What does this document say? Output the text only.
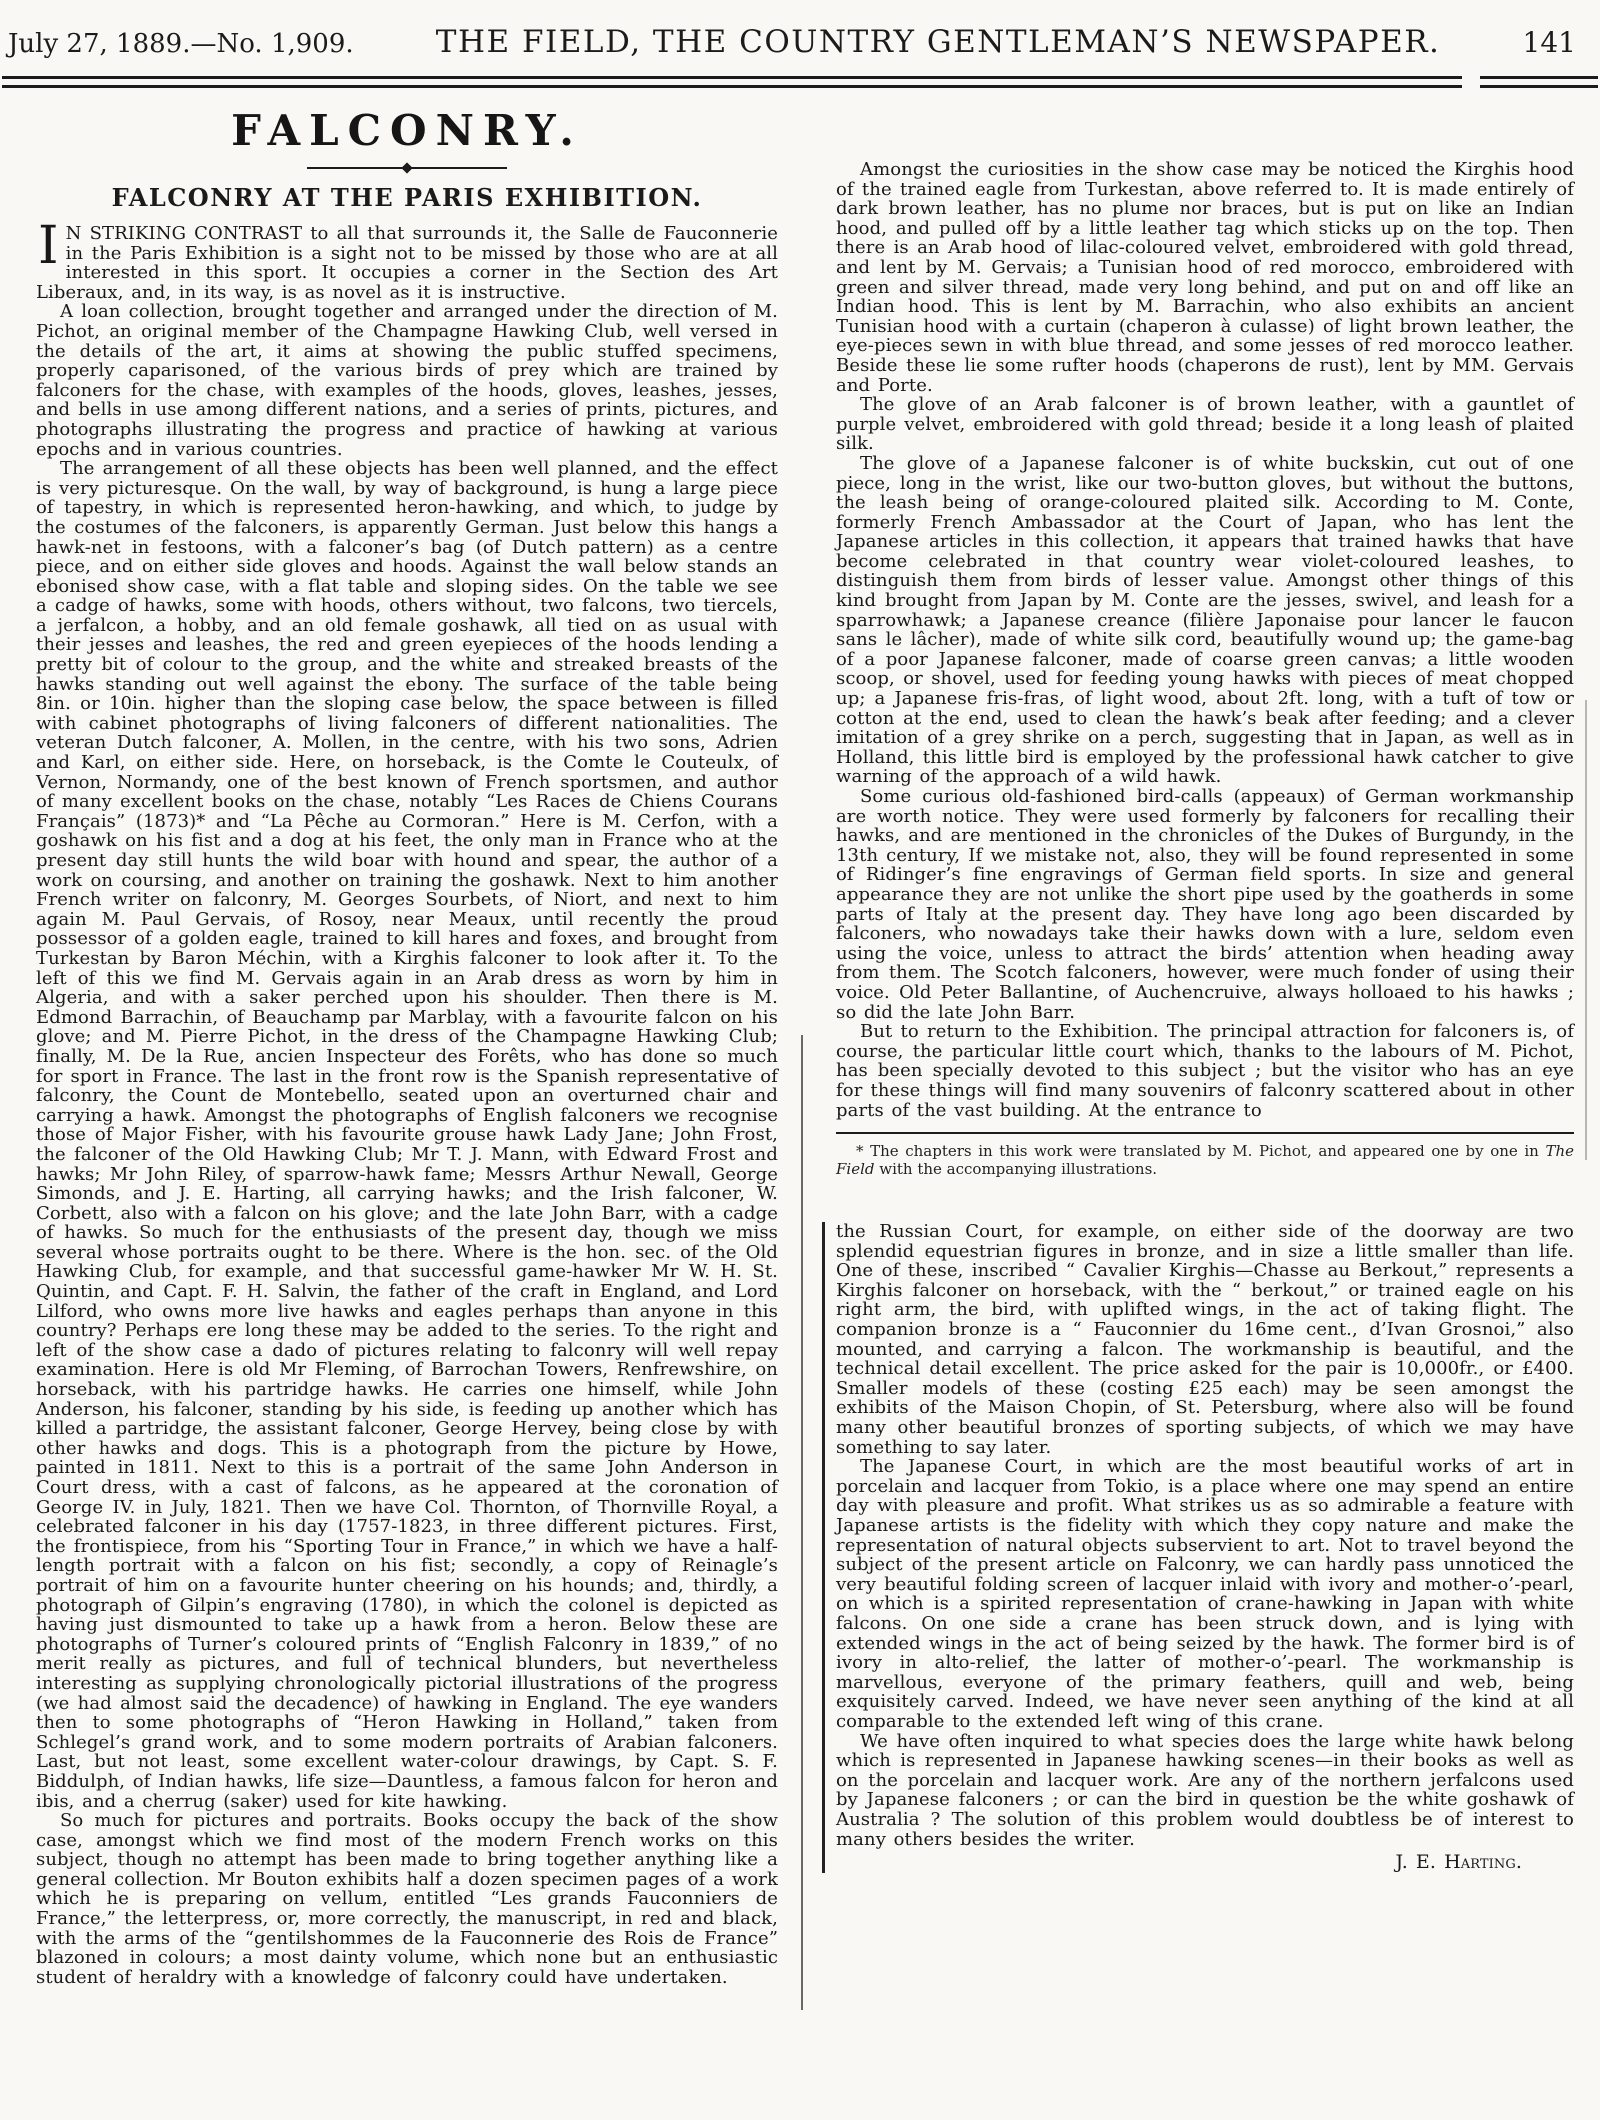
July 27, 1889.—No. 1,909.	THE FIELD, THE COUNTRY GENTLEMAN’S NEWSPAPER.	141
FALCONRY.
FALCONRY AT THE PARIS EXHIBITION.

I N STRIKING CONTRAST to all that surrounds it, the Salle de Fauconnerie in the Paris Exhibition is a sight not to be missed by those who are at all interested in this sport. It occupies a corner in the Section des Art Liberaux, and, in its way, is as novel as it is instructive.

A loan collection, brought together and arranged under the direction of M. Pichot, an original member of the Champagne Hawking Club, well versed in the details of the art, it aims at showing the public stuffed specimens, properly caparisoned, of the various birds of prey which are trained by falconers for the chase, with examples of the hoods, gloves, leashes, jesses, and bells in use among different nations, and a series of prints, pictures, and photographs illustrating the progress and practice of hawking at various epochs and in various countries.

The arrangement of all these objects has been well planned, and the effect is very picturesque. On the wall, by way of background, is hung a large piece of tapestry, in which is represented heron-hawking, and which, to judge by the costumes of the falconers, is apparently German. Just below this hangs a hawk-net in festoons, with a falconer’s bag (of Dutch pattern) as a centre piece, and on either side gloves and hoods. Against the wall below stands an ebonised show case, with a flat table and sloping sides. On the table we see a cadge of hawks, some with hoods, others without, two falcons, two tiercels, a jerfalcon, a hobby, and an old female goshawk, all tied on as usual with their jesses and leashes, the red and green eyepieces of the hoods lending a pretty bit of colour to the group, and the white and streaked breasts of the hawks standing out well against the ebony. The surface of the table being 8in. or 10in. higher than the sloping case below, the space between is filled with cabinet photographs of living falconers of different nationalities. The veteran Dutch falconer, A. Mollen, in the centre, with his two sons, Adrien and Karl, on either side. Here, on horseback, is the Comte le Couteulx, of Vernon, Normandy, one of the best known of French sportsmen, and author of many excellent books on the chase, notably “Les Races de Chiens Courans Français” (1873)* and “La Pêche au Cormoran.” Here is M. Cerfon, with a goshawk on his fist and a dog at his feet, the only man in France who at the present day still hunts the wild boar with hound and spear, the author of a work on coursing, and another on training the goshawk. Next to him another French writer on falconry, M. Georges Sourbets, of Niort, and next to him again M. Paul Gervais, of Rosoy, near Meaux, until recently the proud possessor of a golden eagle, trained to kill hares and foxes, and brought from Turkestan by Baron Méchin, with a Kirghis falconer to look after it. To the left of this we find M. Gervais again in an Arab dress as worn by him in Algeria, and with a saker perched upon his shoulder. Then there is M. Edmond Barrachin, of Beauchamp par Marblay, with a favourite falcon on his glove; and M. Pierre Pichot, in the dress of the Champagne Hawking Club; finally, M. De la Rue, ancien Inspecteur des Forêts, who has done so much for sport in France. The last in the front row is the Spanish representative of falconry, the Count de Montebello, seated upon an overturned chair and carrying a hawk. Amongst the photographs of English falconers we recognise those of Major Fisher, with his favourite grouse hawk Lady Jane; John Frost, the falconer of the Old Hawking Club; Mr T. J. Mann, with Edward Frost and hawks; Mr John Riley, of sparrow-hawk fame; Messrs Arthur Newall, George Simonds, and J. E. Harting, all carrying hawks; and the Irish falconer, W. Corbett, also with a falcon on his glove; and the late John Barr, with a cadge of hawks. So much for the enthusiasts of the present day, though we miss several whose portraits ought to be there. Where is the hon. sec. of the Old Hawking Club, for example, and that successful game-hawker Mr W. H. St. Quintin, and Capt. F. H. Salvin, the father of the craft in England, and Lord Lilford, who owns more live hawks and eagles perhaps than anyone in this country? Perhaps ere long these may be added to the series. To the right and left of the show case a dado of pictures relating to falconry will well repay examination. Here is old Mr Fleming, of Barrochan Towers, Renfrewshire, on horseback, with his partridge hawks. He carries one himself, while John Anderson, his falconer, standing by his side, is feeding up another which has killed a partridge, the assistant falconer, George Hervey, being close by with other hawks and dogs. This is a photograph from the picture by Howe, painted in 1811. Next to this is a portrait of the same John Anderson in Court dress, with a cast of falcons, as he appeared at the coronation of George IV. in July, 1821. Then we have Col. Thornton, of Thornville Royal, a celebrated falconer in his day (1757-1823, in three different pictures. First, the frontispiece, from his “Sporting Tour in France,” in which we have a half-length portrait with a falcon on his fist; secondly, a copy of Reinagle’s portrait of him on a favourite hunter cheering on his hounds; and, thirdly, a photograph of Gilpin’s engraving (1780), in which the colonel is depicted as having just dismounted to take up a hawk from a heron. Below these are photographs of Turner’s coloured prints of “English Falconry in 1839,” of no merit really as pictures, and full of technical blunders, but nevertheless interesting as supplying chronologically pictorial illustrations of the progress (we had almost said the decadence) of hawking in England. The eye wanders then to some photographs of “Heron Hawking in Holland,” taken from Schlegel’s grand work, and to some modern portraits of Arabian falconers. Last, but not least, some excellent water-colour drawings, by Capt. S. F. Biddulph, of Indian hawks, life size—Dauntless, a famous falcon for heron and ibis, and a cherrug (saker) used for kite hawking.

So much for pictures and portraits. Books occupy the back of the show case, amongst which we find most of the modern French works on this subject, though no attempt has been made to bring together anything like a general collection. Mr Bouton exhibits half a dozen specimen pages of a work which he is preparing on vellum, entitled “Les grands Fauconniers de France,” the letterpress, or, more correctly, the manuscript, in red and black, with the arms of the “gentilshommes de la Fauconnerie des Rois de France” blazoned in colours; a most dainty volume, which none but an enthusiastic student of heraldry with a knowledge of falconry could have undertaken.

Amongst the curiosities in the show case may be noticed the Kirghis hood of the trained eagle from Turkestan, above referred to. It is made entirely of dark brown leather, has no plume nor braces, but is put on like an Indian hood, and pulled off by a little leather tag which sticks up on the top. Then there is an Arab hood of lilac-coloured velvet, embroidered with gold thread, and lent by M. Gervais; a Tunisian hood of red morocco, embroidered with green and silver thread, made very long behind, and put on and off like an Indian hood. This is lent by M. Barrachin, who also exhibits an ancient Tunisian hood with a curtain (chaperon à culasse) of light brown leather, the eye-pieces sewn in with blue thread, and some jesses of red morocco leather. Beside these lie some rufter hoods (chaperons de rust), lent by MM. Gervais and Porte.

The glove of an Arab falconer is of brown leather, with a gauntlet of purple velvet, embroidered with gold thread; beside it a long leash of plaited silk.

The glove of a Japanese falconer is of white buckskin, cut out of one piece, long in the wrist, like our two-button gloves, but without the buttons, the leash being of orange-coloured plaited silk. According to M. Conte, formerly French Ambassador at the Court of Japan, who has lent the Japanese articles in this collection, it appears that trained hawks that have become celebrated in that country wear violet-coloured leashes, to distinguish them from birds of lesser value. Amongst other things of this kind brought from Japan by M. Conte are the jesses, swivel, and leash for a sparrowhawk; a Japanese creance (filière Japonaise pour lancer le faucon sans le lâcher), made of white silk cord, beautifully wound up; the game-bag of a poor Japanese falconer, made of coarse green canvas; a little wooden scoop, or shovel, used for feeding young hawks with pieces of meat chopped up; a Japanese fris-fras, of light wood, about 2ft. long, with a tuft of tow or cotton at the end, used to clean the hawk’s beak after feeding; and a clever imitation of a grey shrike on a perch, suggesting that in Japan, as well as in Holland, this little bird is employed by the professional hawk catcher to give warning of the approach of a wild hawk.

Some curious old-fashioned bird-calls (appeaux) of German workmanship are worth notice. They were used formerly by falconers for recalling their hawks, and are mentioned in the chronicles of the Dukes of Burgundy, in the 13th century, If we mistake not, also, they will be found represented in some of Ridinger’s fine engravings of German field sports. In size and general appearance they are not unlike the short pipe used by the goatherds in some parts of Italy at the present day. They have long ago been discarded by falconers, who nowadays take their hawks down with a lure, seldom even using the voice, unless to attract the birds’ attention when heading away from them. The Scotch falconers, however, were much fonder of using their voice. Old Peter Ballantine, of Auchencruive, always holloaed to his hawks ; so did the late John Barr.

But to return to the Exhibition. The principal attraction for falconers is, of course, the particular little court which, thanks to the labours of M. Pichot, has been specially devoted to this subject ; but the visitor who has an eye for these things will find many souvenirs of falconry scattered about in other parts of the vast building. At the entrance to

* The chapters in this work were translated by M. Pichot, and appeared one by one in The Field with the accompanying illustrations.

the Russian Court, for example, on either side of the doorway are two splendid equestrian figures in bronze, and in size a little smaller than life. One of these, inscribed “ Cavalier Kirghis—Chasse au Berkout,” represents a Kirghis falconer on horseback, with the “ berkout,” or trained eagle on his right arm, the bird, with uplifted wings, in the act of taking flight. The companion bronze is a “ Fauconnier du 16me cent., d’Ivan Grosnoi,” also mounted, and carrying a falcon. The workmanship is beautiful, and the technical detail excellent. The price asked for the pair is 10,000fr., or £400. Smaller models of these (costing £25 each) may be seen amongst the exhibits of the Maison Chopin, of St. Petersburg, where also will be found many other beautiful bronzes of sporting subjects, of which we may have something to say later.

The Japanese Court, in which are the most beautiful works of art in porcelain and lacquer from Tokio, is a place where one may spend an entire day with pleasure and profit. What strikes us as so admirable a feature with Japanese artists is the fidelity with which they copy nature and make the representation of natural objects subservient to art. Not to travel beyond the subject of the present article on Falconry, we can hardly pass unnoticed the very beautiful folding screen of lacquer inlaid with ivory and mother-o’-pearl, on which is a spirited representation of crane-hawking in Japan with white falcons. On one side a crane has been struck down, and is lying with extended wings in the act of being seized by the hawk. The former bird is of ivory in alto-relief, the latter of mother-o’-pearl. The workmanship is marvellous, everyone of the primary feathers, quill and web, being exquisitely carved. Indeed, we have never seen anything of the kind at all comparable to the extended left wing of this crane.

We have often inquired to what species does the large white hawk belong which is represented in Japanese hawking scenes—in their books as well as on the porcelain and lacquer work. Are any of the northern jerfalcons used by Japanese falconers ; or can the bird in question be the white goshawk of Australia ? The solution of this problem would doubtless be of interest to many others besides the writer.

J. E. Harting.
